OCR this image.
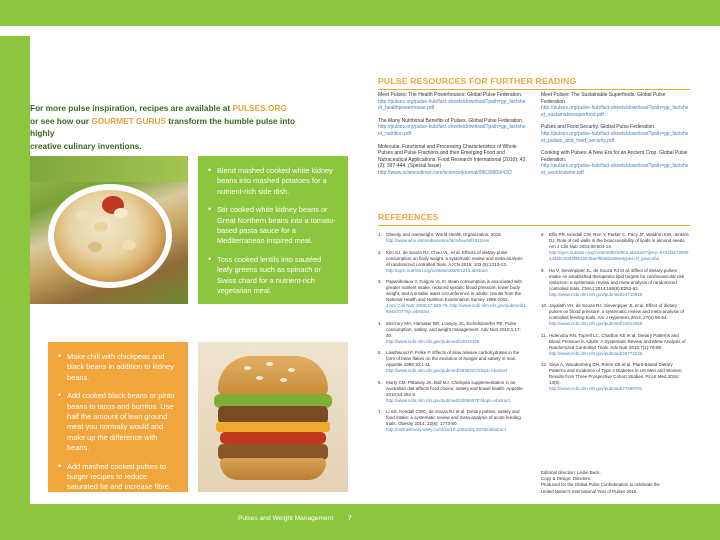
For more pulse inspiration, recipes are available at PULSES.ORG
or see how our GOURMET GURUS transform the humble pulse into highly
creative culinary inventions.
• Blend mashed cooked white kidney beans into mashed potatoes for a nutrient-rich side dish.
• Stir cooked white kidney beans or Great Northern beans into a tomato-based pasta sauce for a Mediterranean inspired meal.
• Toss cooked lentils into sautéed leafy greens such as spinach or Swiss chard for a nutrient-rich vegetarian meal.
• Make chili with chickpeas and black beans in addition to kidney beans.
• Add cooked black beans or pinto beans to tacos and burritos. Use half the amount of lean ground meat you normally would and make up the difference with beans.
• Add mashed cooked pulses to burger recipes to reduce saturated fat and increase fibre.
PULSE RESOURCES FOR FURTHER READING
Meet Pulses: The Health Powerhouses. Global Pulse Federation.
http://pulses.org/pulse-hub/fact-sheets/download?path=gp_factsheet_healthpowerhouse.pdf
The Many Nutritional Benefits of Pulses. Global Pulse Federation.
http://pulses.org/pulse-hub/fact-sheets/download?path=gp_factsheet_nutrition.pdf
Molecular, Functional and Processing Characteristics of Whole Pulses and Pulse Fractions and their Emerging Food and Nutraceutical Applications. Food Research International (2010); 43 (2): 397-444. (Special Issue)
http://www.sciencedirect.com/science/journal/09639969/43/2
Meet Pulses: The Sustainable Superfoods. Global Pulse Federation.
http://pulses.org/pulse-hub/fact-sheets/download?path=gp_factsheet_sustainablesuperfood.pdf
Pulses and Food Security. Global Pulse Federation.
http://pulses.org/pulse-hub/fact-sheets/download?path=gp_factsheet_pulses_and_food_security.pdf
Cooking with Pulses: A New Era for an Ancient Crop. Global Pulse Federation.
http://pulses.org/pulse-hub/fact-sheets/download?path=gp_factsheet_worldcuisine.pdf
REFERENCES
1. Obesity and overweight. World Health Organization, 2016.
http://www.who.int/mediacentre/factsheets/fs311/en/
2. Kim SJ, de Souza RJ, Choo VL, et al. Effects of dietary pulse consumption on body weight: a systematic review and meta-analysis of randomized controlled trials. AJCN 2016; 103 (5):1213-23.
http://ajcn.nutrition.org/content/103/5/1213.abstract
3. Papanikolaou Y, Fulgoni VL III. Bean consumption is associated with greater nutrient intake, reduced systolic blood pressure, lower body weight, and a smaller waist circumference in adults: results from the National Health and Nutrition Examination Survey 1999-2002.
J Am Coll Nutr 2008;27:569-76. http://www.ncbi.nlm.nih.gov/pubmed/18845707?sp=abstract
4. McCrory MA, Hamaker BR, Lovejoy JC, Eichelsdoerfer PE. Pulse consumption, satiety, and weight management. Adv Nutr 2010;1:17-30.
http://www.ncbi.nlm.nih.gov/pubmed/22043448
5. Lawthwood P, Polke P. Effects of slow release carbohydrates in the form of bean flakes on the evolution of hunger and satiety in man. Appetite 1988;10:1-11.
http://www.ncbi.nlm.nih.gov/pubmed/2835322?dopt=Abstract
6. Murty CM, Pittaway JK, Ball MJ. Chickpea supplementation in an Australian diet affects food choice, satiety and bowel health. Appetite 2010;54:282-8.
http://www.ncbi.nlm.nih.gov/pubmed/20056870?dopt=Abstract
7. Li SS, Kendall CWC, de Souza RJ et al. Dietary pulses, satiety and food intake: a systematic review and meta-analysis of acute feeding trials. Obesity 2014; 22(8): 1773-80.
http://onlinelibrary.wiley.com/doi/10.1002/oby.20782/abstract
8. Ellis PR, Kendall CW, Ren Y, Parker C, Pacy JF, Waldron KW, Jenkins DJ. Role of cell walls in the bioaccessibility of lipids in almond seeds. Am J Clin Nutr 2004;80:604-13.
http://ajcn.nutrition.org/content/80/3/604.abstract?ijkey=6762fab726054448bc2004f9615049aef9fa6ba58eetype2=tf_ipsecsha
9. Ha V, Sievenpiper JL, de Souza RJ et al. Effect of dietary pulses intake on established therapeutic lipid targets for cardiovascular risk reduction: a systematic review and meta-analysis of randomized controlled trials. CMAJ 2014;186(8):E252-62.
http://www.ncbi.nlm.nih.gov/pubmed/24710915
10. Jayalath VH, de Souza RJ, Sievenpiper JL et al. Effect of dietary pulses on blood pressure: a systematic review and meta-analysis of controlled feeding trials. Am J Hypertens 2014; 27(1):56-64.
http://www.ncbi.nlm.nih.gov/pubmed/24014659
11. Hidenobu RN, Toprell LC, Charlton KE et al. Dietary Patterns and Blood Pressure in Adults: A Systematic Review and Meta-Analysis of Randomized Controlled Trials. Adv Nutr 2016;7(1):76-89.
http://www.ncbi.nlm.nih.gov/pubmed/26773236
12. Sieja A, Woudenberg DH, Rimm KB et al. Plant-Based Dietary Patterns and Incidence of Type 2 Diabetes in US Men and Women: Results from Three Prospective Cohort Studies. PLoS Med 2016; 13(6).
http://www.ncbi.nlm.nih.gov/pubmed/27299701
Editorial direction: Leslie Beck.
Copy & Design: Dinx4nm.
Produced for the Global Pulse Confederation to celebrate the
United Nation's International Year of Pulses 2016.
Pulses and Weight Management 7
